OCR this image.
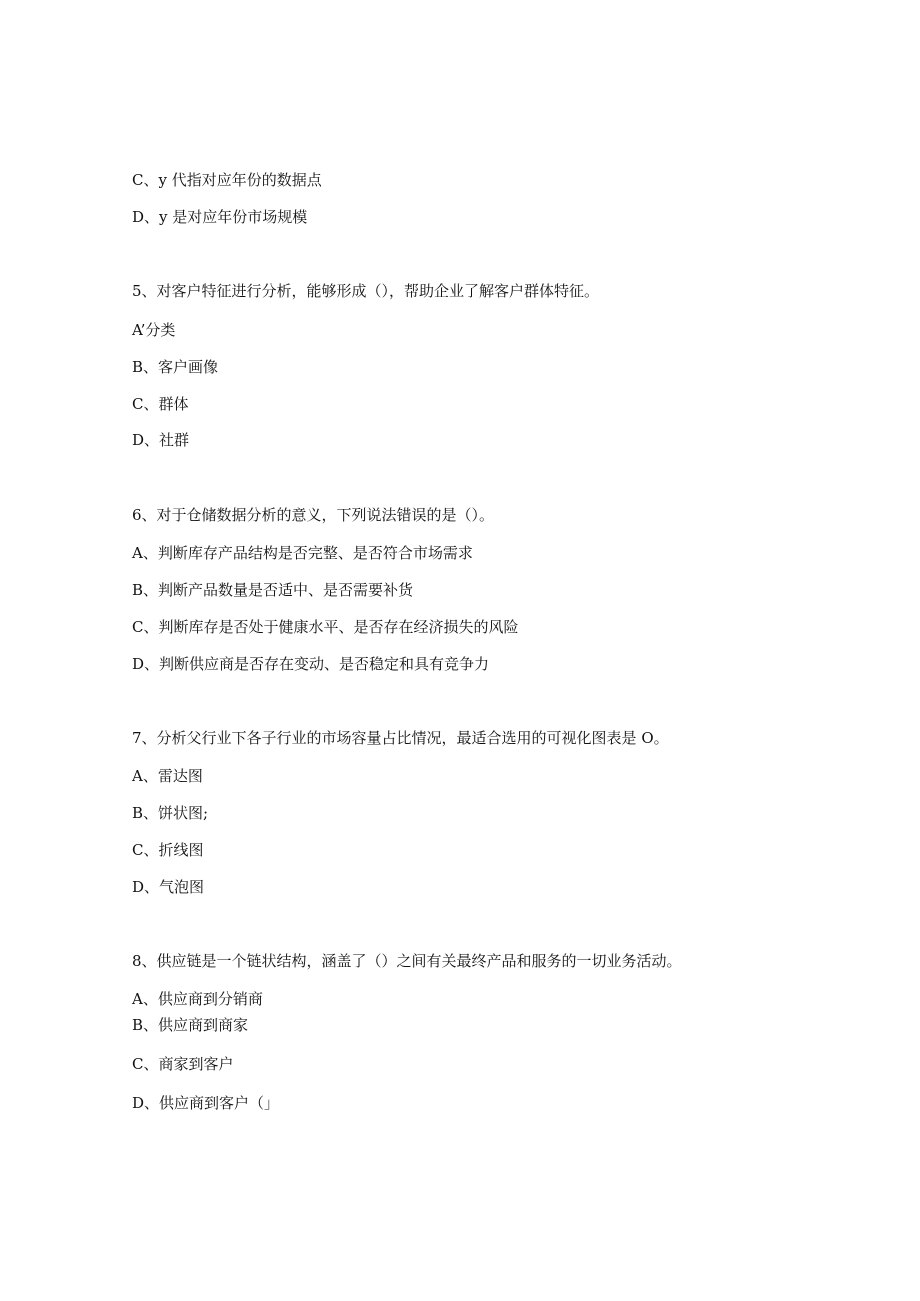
C、y 代指对应年份的数据点
D、y 是对应年份市场规模
5、对客户特征进行分析，能够形成（），帮助企业了解客户群体特征。
A’分类
B、客户画像
C、群体
D、社群
6、对于仓储数据分析的意义，下列说法错误的是（）。
A、判断库存产品结构是否完整、是否符合市场需求
B、判断产品数量是否适中、是否需要补货
C、判断库存是否处于健康水平、是否存在经济损失的风险
D、判断供应商是否存在变动、是否稳定和具有竞争力
7、分析父行业下各子行业的市场容量占比情况，最适合选用的可视化图表是 O。
A、雷达图
B、饼状图;
C、折线图
D、气泡图
8、供应链是一个链状结构，涵盖了（）之间有关最终产品和服务的一切业务活动。
A、供应商到分销商
B、供应商到商家
C、商家到客户
D、供应商到客户（」
